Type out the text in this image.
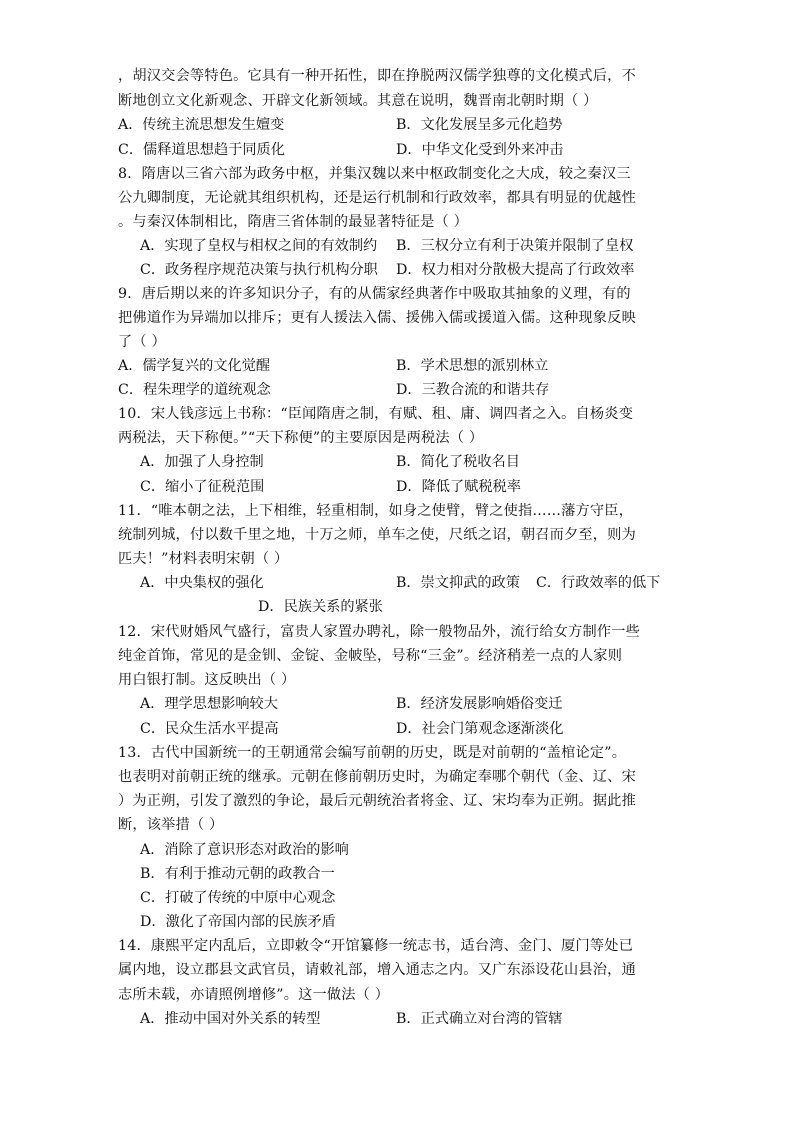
，胡汉交会等特色。它具有一种开拓性，即在挣脱两汉儒学独尊的文化模式后，不
断地创立文化新观念、开辟文化新领域。其意在说明，魏晋南北朝时期（ ）
A．传统主流思想发生嬗变	B．文化发展呈多元化趋势
C．儒释道思想趋于同质化	D．中华文化受到外来冲击
8．隋唐以三省六部为政务中枢，并集汉魏以来中枢政制变化之大成，较之秦汉三
公九卿制度，无论就其组织机构，还是运行机制和行政效率，都具有明显的优越性
。与秦汉体制相比，隋唐三省体制的最显著特征是（ ）
A．实现了皇权与相权之间的有效制约 B．三权分立有利于决策并限制了皇权
C．政务程序规范决策与执行机构分职 D．权力相对分散极大提高了行政效率
9．唐后期以来的许多知识分子，有的从儒家经典著作中吸取其抽象的义理，有的
把佛道作为异端加以排斥；更有人援法入儒、援佛入儒或援道入儒。这种现象反映
了（ ）
A．儒学复兴的文化觉醒	B．学术思想的派别林立
C．程朱理学的道统观念	D．三教合流的和谐共存
10．宋人钱彦远上书称：“臣闻隋唐之制，有赋、租、庸、调四者之入。自杨炎变
两税法，天下称便。”“天下称便”的主要原因是两税法（ ）
A．加强了人身控制	B．简化了税收名目
C．缩小了征税范围	D．降低了赋税税率
11．“唯本朝之法，上下相维，轻重相制，如身之使臂，臂之使指……藩方守臣，
统制列城，付以数千里之地，十万之师，单车之使，尺纸之诏，朝召而夕至，则为
匹夫！”材料表明宋朝（ ）
A．中央集权的强化	B．崇文抑武的政策 C．行政效率的低下
D．民族关系的紧张
12．宋代财婚风气盛行，富贵人家置办聘礼，除一般物品外，流行给女方制作一些
纯金首饰，常见的是金钏、金锭、金帔坠，号称“三金”。经济稍差一点的人家则
用白银打制。这反映出（ ）
A．理学思想影响较大	B．经济发展影响婚俗变迁
C．民众生活水平提高	D．社会门第观念逐渐淡化
13．古代中国新统一的王朝通常会编写前朝的历史，既是对前朝的“盖棺论定”。
也表明对前朝正统的继承。元朝在修前朝历史时，为确定奉哪个朝代（金、辽、宋
）为正朔，引发了激烈的争论，最后元朝统治者将金、辽、宋均奉为正朔。据此推
断，该举措（ ）
A．消除了意识形态对政治的影响
B．有利于推动元朝的政教合一
C．打破了传统的中原中心观念
D．激化了帝国内部的民族矛盾
14．康熙平定内乱后，立即敕令“开馆纂修一统志书，适台湾、金门、厦门等处已
属内地，设立郡县文武官员，请敕礼部，增入通志之内。又广东添设花山县治，通
志所未载，亦请照例增修”。这一做法（ ）
A．推动中国对外关系的转型	B．正式确立对台湾的管辖
